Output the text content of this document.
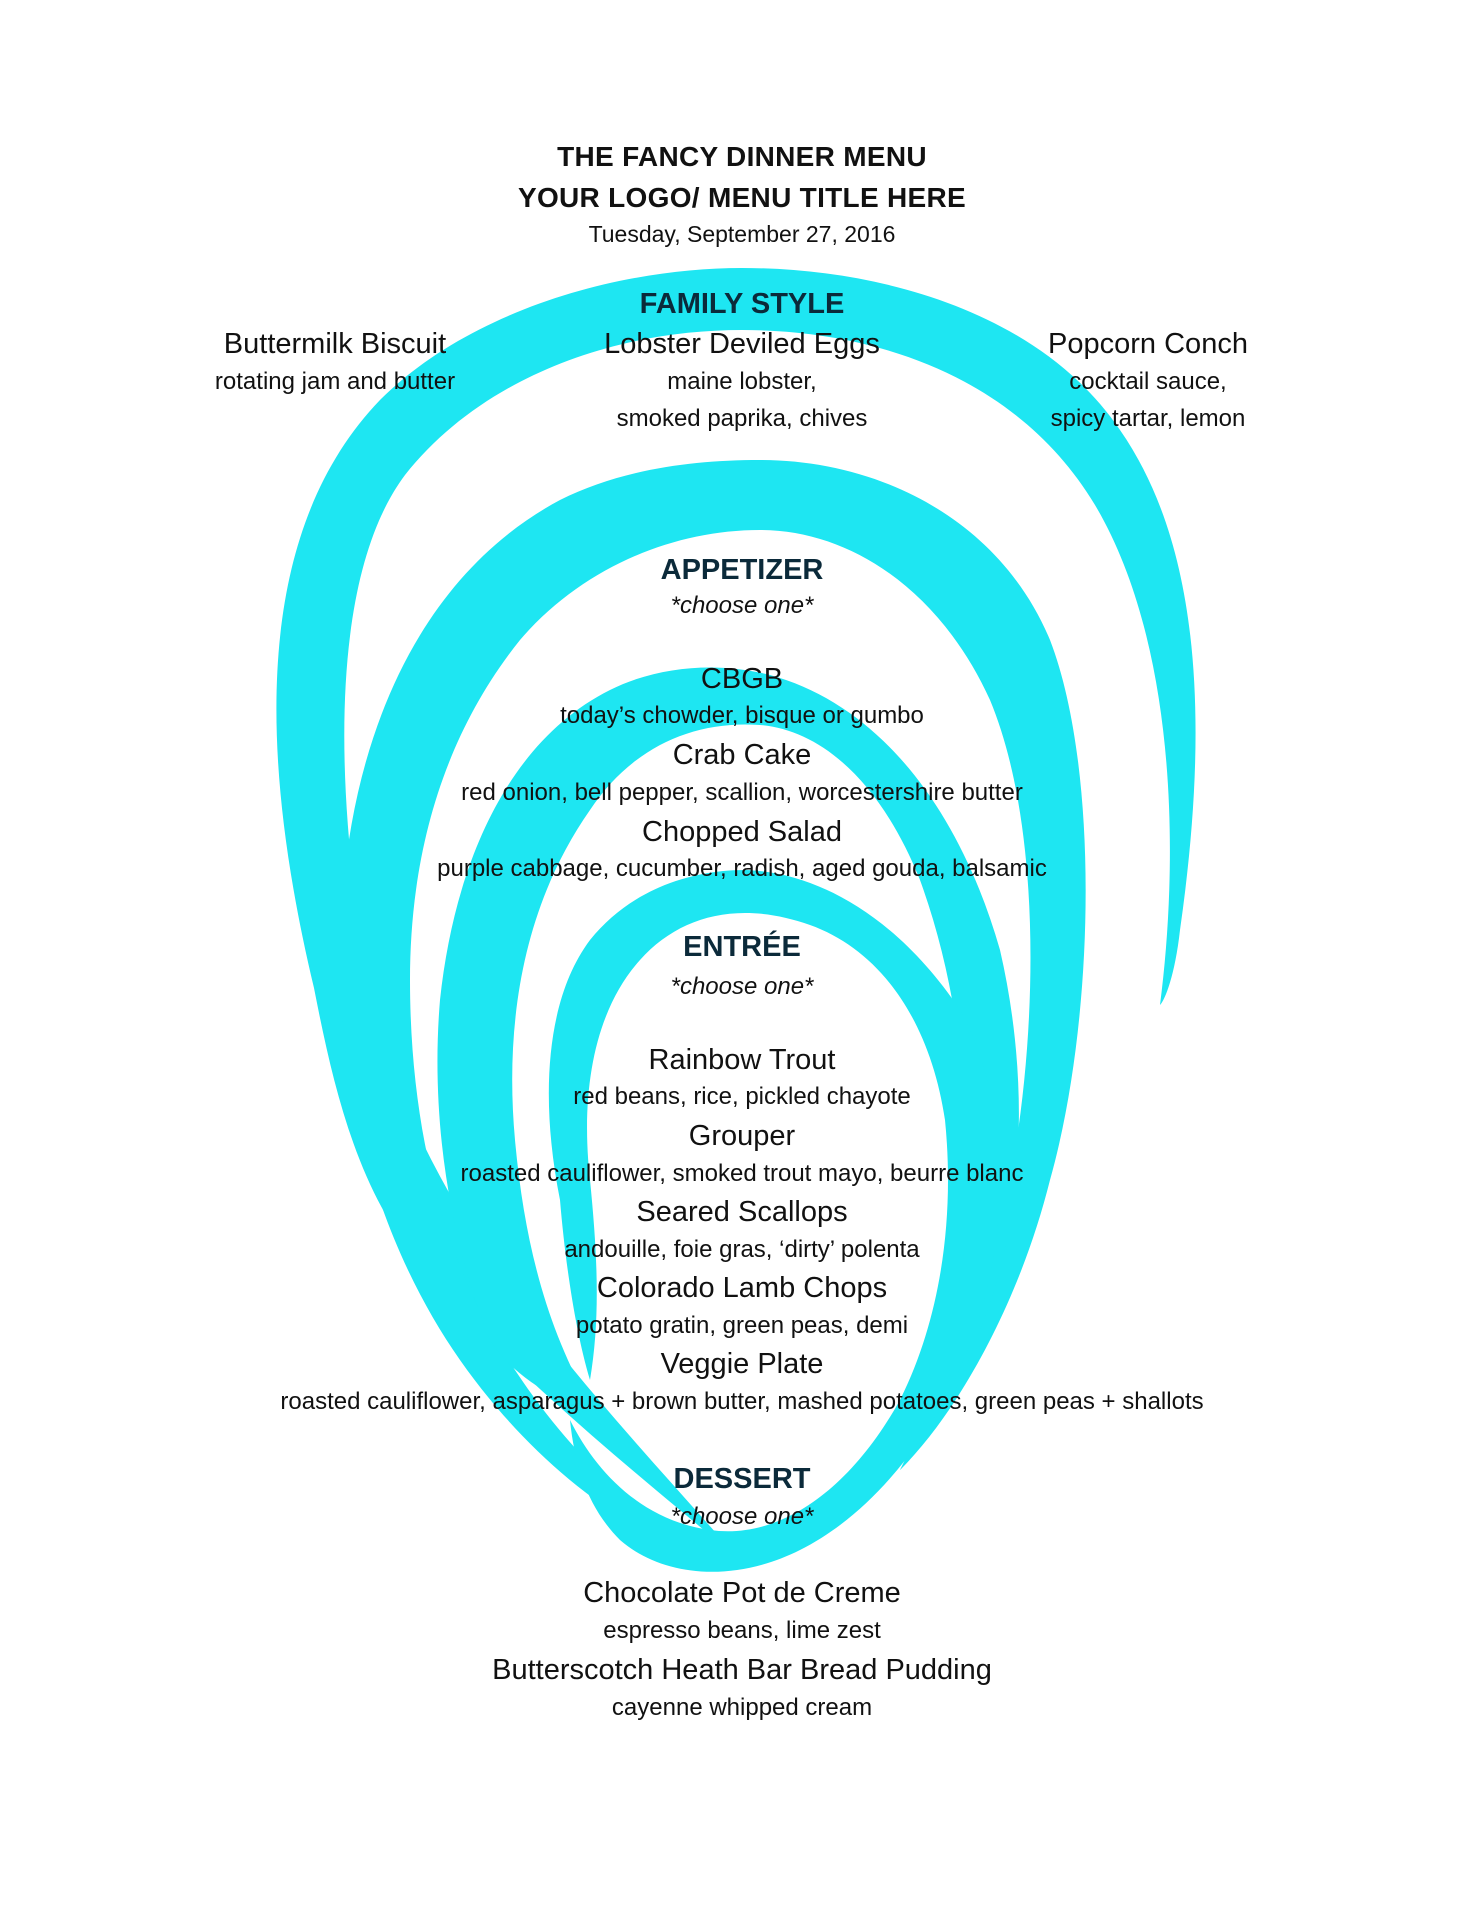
THE FANCY DINNER MENU
YOUR LOGO/ MENU TITLE HERE
Tuesday, September 27, 2016
FAMILY STYLE
Buttermilk Biscuit
rotating jam and butter
Lobster Deviled Eggs
maine lobster,
smoked paprika, chives
Popcorn Conch
cocktail sauce,
spicy tartar, lemon
APPETIZER
*choose one*
CBGB
today’s chowder, bisque or gumbo
Crab Cake
red onion, bell pepper, scallion, worcestershire butter
Chopped Salad
purple cabbage, cucumber, radish, aged gouda, balsamic
ENTRÉE
*choose one*
Rainbow Trout
red beans, rice, pickled chayote
Grouper
roasted cauliflower, smoked trout mayo, beurre blanc
Seared Scallops
andouille, foie gras, ‘dirty’ polenta
Colorado Lamb Chops
potato gratin, green peas, demi
Veggie Plate
roasted cauliflower, asparagus + brown butter, mashed potatoes, green peas + shallots
DESSERT
*choose one*
Chocolate Pot de Creme
espresso beans, lime zest
Butterscotch Heath Bar Bread Pudding
cayenne whipped cream
